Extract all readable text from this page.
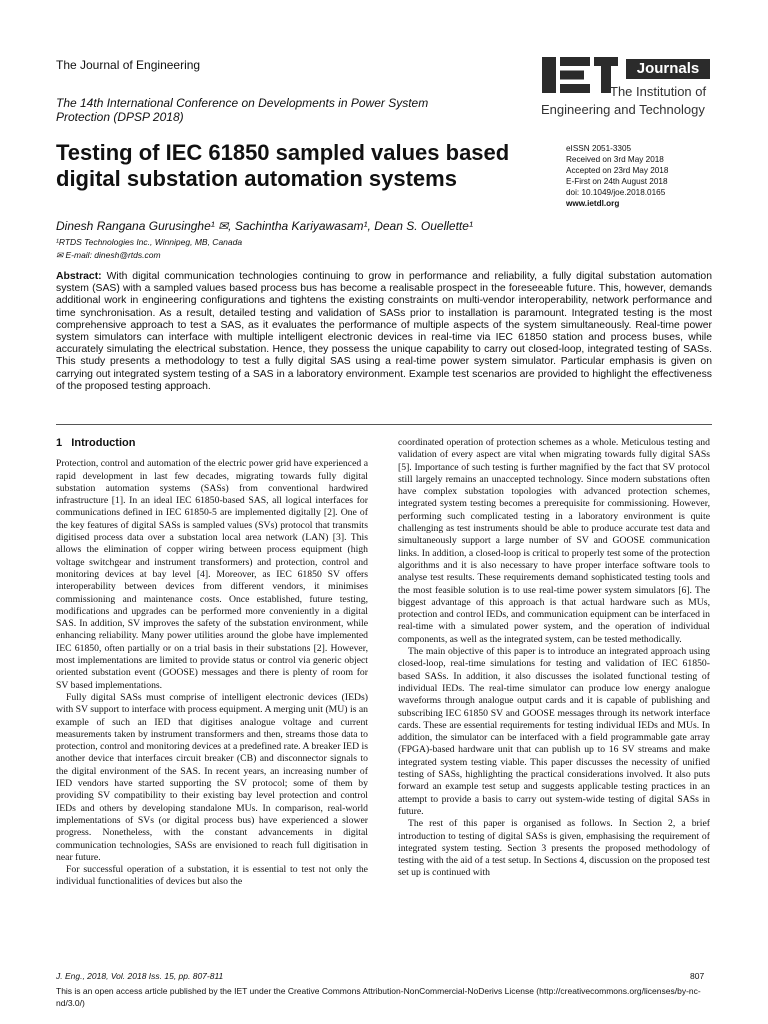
The Journal of Engineering
The 14th International Conference on Developments in Power System Protection (DPSP 2018)
Journals
The Institution of
Engineering and Technology
Testing of IEC 61850 sampled values based digital substation automation systems
eISSN 2051-3305
Received on 3rd May 2018
Accepted on 23rd May 2018
E-First on 24th August 2018
doi: 10.1049/joe.2018.0165
www.ietdl.org
Dinesh Rangana Gurusinghe¹ ✉, Sachintha Kariyawasam¹, Dean S. Ouellette¹
¹RTDS Technologies Inc., Winnipeg, MB, Canada
✉ E-mail: dinesh@rtds.com
Abstract: With digital communication technologies continuing to grow in performance and reliability, a fully digital substation automation system (SAS) with a sampled values based process bus has become a realisable prospect in the foreseeable future. This, however, demands additional work in engineering configurations and tightens the existing constraints on multi-vendor interoperability, network performance and time synchronisation. As a result, detailed testing and validation of SASs prior to installation is paramount. Integrated testing is the most comprehensive approach to test a SAS, as it evaluates the performance of multiple aspects of the system simultaneously. Real-time power system simulators can interface with multiple intelligent electronic devices in real-time via IEC 61850 station and process buses, while accurately simulating the electrical substation. Hence, they possess the unique capability to carry out closed-loop, integrated testing of SASs. This study presents a methodology to test a fully digital SAS using a real-time power system simulator. Particular emphasis is given on carrying out integrated system testing of a SAS in a laboratory environment. Example test scenarios are provided to highlight the effectiveness of the proposed testing approach.
1 Introduction

Protection, control and automation of the electric power grid have experienced a rapid development in last few decades, migrating towards fully digital substation automation systems (SASs) from conventional hardwired infrastructure [1]. In an ideal IEC 61850-based SAS, all logical interfaces for communications defined in IEC 61850-5 are implemented digitally [2]. One of the key features of digital SASs is sampled values (SVs) protocol that transmits digitised process data over a substation local area network (LAN) [3]. This allows the elimination of copper wiring between process equipment (high voltage switchgear and instrument transformers) and protection, control and monitoring devices at bay level [4]. Moreover, as IEC 61850 SV offers interoperability between devices from different vendors, it minimises commissioning and maintenance costs. Once established, future testing, modifications and upgrades can be performed more conveniently in a digital SAS. In addition, SV improves the safety of the substation environment, while enhancing reliability. Many power utilities around the globe have implemented IEC 61850, often partially or on a trial basis in their substations [2]. However, most implementations are limited to provide status or control via generic object oriented substation event (GOOSE) messages and there is plenty of room for SV based implementations.

Fully digital SASs must comprise of intelligent electronic devices (IEDs) with SV support to interface with process equipment. A merging unit (MU) is an example of such an IED that digitises analogue voltage and current measurements taken by instrument transformers and then, streams those data to protection, control and monitoring devices at a predefined rate. A breaker IED is another device that interfaces circuit breaker (CB) and disconnector signals to the digital environment of the SAS. In recent years, an increasing number of IED vendors have started supporting the SV protocol; some of them by providing SV compatibility to their existing bay level protection and control IEDs and others by developing standalone MUs. In comparison, real-world implementations of SVs (or digital process bus) have experienced a slower progress. Nonetheless, with the constant advancements in digital communication technologies, SASs are envisioned to reach full digitisation in near future.

For successful operation of a substation, it is essential to test not only the individual functionalities of devices but also the

coordinated operation of protection schemes as a whole. Meticulous testing and validation of every aspect are vital when migrating towards fully digital SASs [5]. Importance of such testing is further magnified by the fact that SV protocol still largely remains an unaccepted technology. Since modern substations often have complex substation topologies with advanced protection schemes, integrated system testing becomes a prerequisite for commissioning. However, performing such complicated testing in a laboratory environment is quite challenging as test instruments should be able to produce accurate test data and simultaneously support a large number of SV and GOOSE communication links. In addition, a closed-loop is critical to properly test some of the protection algorithms and it is also necessary to have proper interface software tools to analyse test results. These requirements demand sophisticated testing tools and the most feasible solution is to use real-time power system simulators [6]. The biggest advantage of this approach is that actual hardware such as MUs, protection and control IEDs, and communication equipment can be interfaced in real-time with a simulated power system, and the operation of individual components, as well as the integrated system, can be tested methodically.

The main objective of this paper is to introduce an integrated approach using closed-loop, real-time simulations for testing and validation of IEC 61850-based SASs. In addition, it also discusses the isolated functional testing of individual IEDs. The real-time simulator can produce low energy analogue waveforms through analogue output cards and it is capable of publishing and subscribing IEC 61850 SV and GOOSE messages through its network interface cards. These are essential requirements for testing individual IEDs and MUs. In addition, the simulator can be interfaced with a field programmable gate array (FPGA)-based hardware unit that can publish up to 16 SV streams and make integrated system testing viable. This paper discusses the necessity of unified testing of SASs, highlighting the practical considerations involved. It also puts forward an example test setup and suggests applicable testing practices in an attempt to provide a basis to carry out system-wide testing of digital SASs in future.

The rest of this paper is organised as follows. In Section 2, a brief introduction to testing of digital SASs is given, emphasising the requirement of integrated system testing. Section 3 presents the proposed methodology of testing with the aid of a test setup. In Sections 4, discussion on the proposed test set up is continued with

J. Eng., 2018, Vol. 2018 Iss. 15, pp. 807-811	807
This is an open access article published by the IET under the Creative Commons Attribution-NonCommercial-NoDerivs License (http://creativecommons.org/licenses/by-nc-nd/3.0/)
